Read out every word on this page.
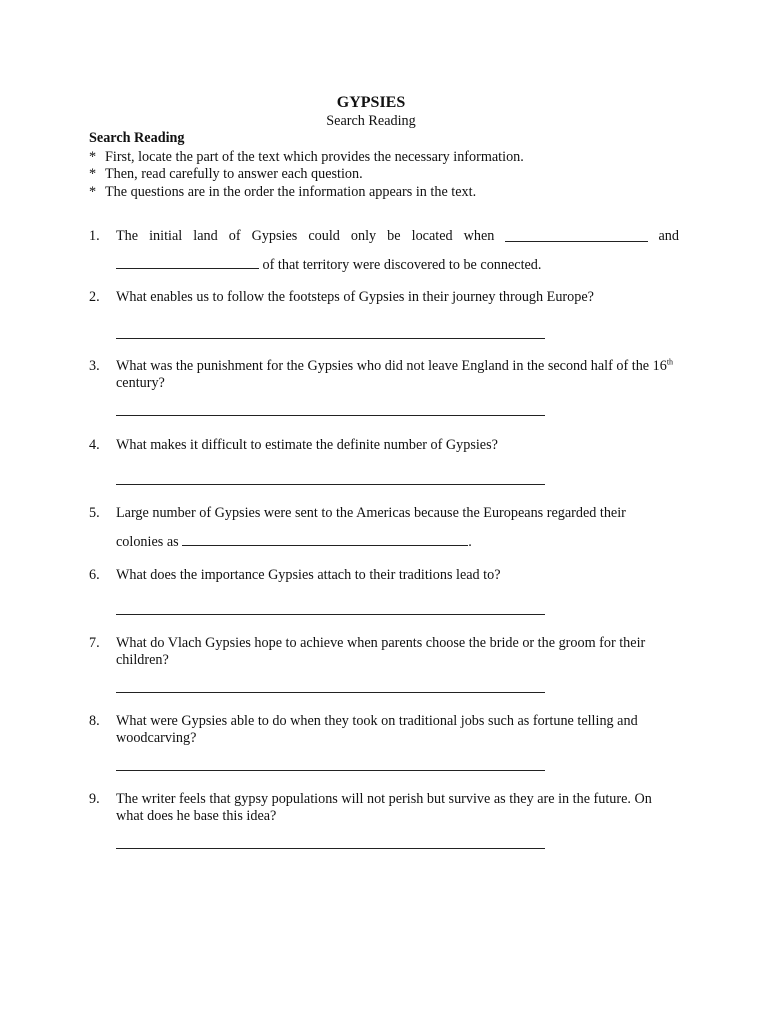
GYPSIES
Search Reading
Search Reading
* First, locate the part of the text which provides the necessary information.
* Then, read carefully to answer each question.
* The questions are in the order the information appears in the text.
1.	The initial land of Gypsies could only be located when	and
of that territory were discovered to be connected.
2.	What enables us to follow the footsteps of Gypsies in their journey through Europe?
3.	What was the punishment for the Gypsies who did not leave England in the second half of the 16th century?
4.	What makes it difficult to estimate the definite number of Gypsies?
5.	Large number of Gypsies were sent to the Americas because the Europeans regarded their
colonies as	.
6.	What does the importance Gypsies attach to their traditions lead to?
7.	What do Vlach Gypsies hope to achieve when parents choose the bride or the groom for their children?
8.	What were Gypsies able to do when they took on traditional jobs such as fortune telling and woodcarving?
9.	The writer feels that gypsy populations will not perish but survive as they are in the future. On what does he base this idea?
